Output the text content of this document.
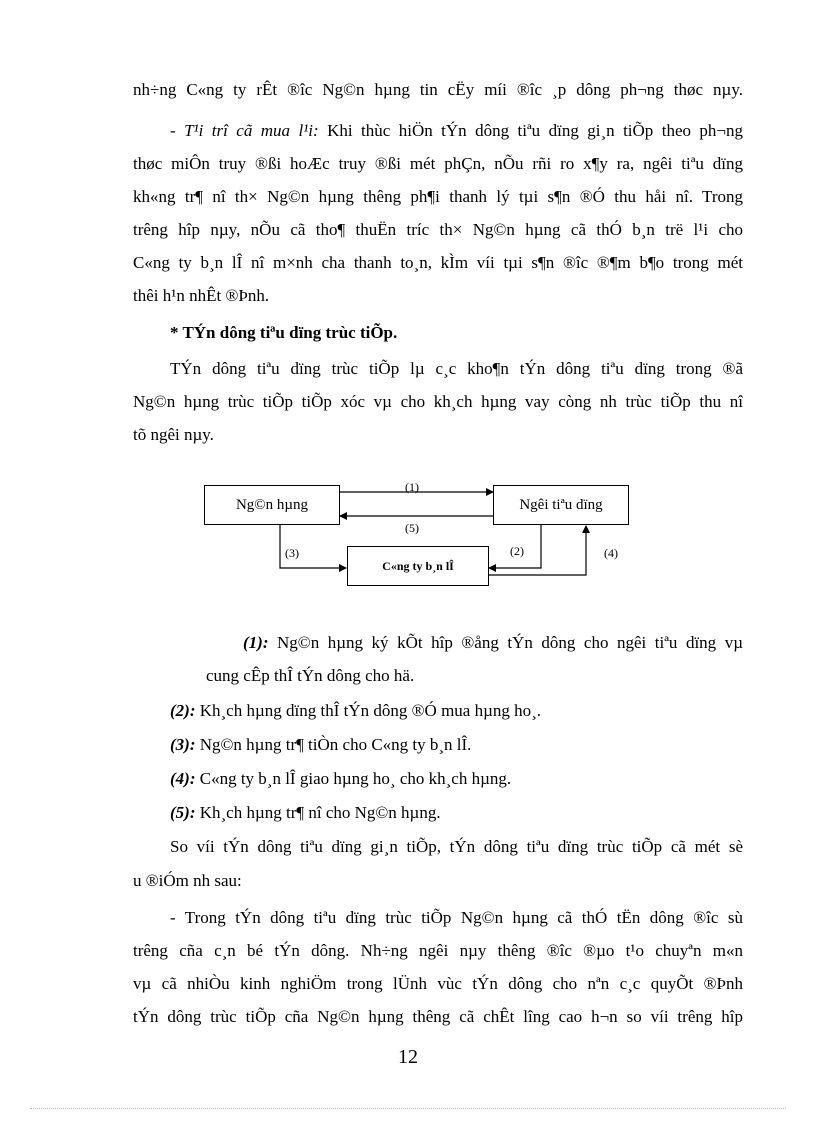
nh÷ng C«ng ty rÊt ®îc Ng©n hµng tin cËy míi ®îc ¸p dông ph¬ng thøc nµy.
- T¹i trî cã mua l¹i: Khi thùc hiÖn tÝn dông tiªu dïng gi¸n tiÕp theo ph¬ng
thøc miÔn truy ®ßi hoÆc truy ®ßi mét phÇn, nÕu rñi ro x¶y ra, ngêi tiªu dïng
kh«ng tr¶ nî th× Ng©n hµng thêng ph¶i thanh lý tµi s¶n ®Ó thu håi nî. Trong
trêng hîp nµy, nÕu cã tho¶ thuËn tríc th× Ng©n hµng cã thÓ b¸n trë l¹i cho
C«ng ty b¸n lÎ nî m×nh cha thanh to¸n, kÌm víi tµi s¶n ®îc ®¶m b¶o trong mét
thêi h¹n nhÊt ®Þnh.
* TÝn dông tiªu dïng trùc tiÕp.
TÝn dông tiªu dïng trùc tiÕp lµ c¸c kho¶n tÝn dông tiªu dïng trong ®ã
Ng©n hµng trùc tiÕp tiÕp xóc vµ cho kh¸ch hµng vay còng nh trùc tiÕp thu nî
tõ ngêi nµy.
Ng©n hµng	Ngêi tiªu dïng
C«ng ty b¸n lÎ
(1)
(5)
(3)	(2)	(4)
(1): Ng©n hµng ký kÕt hîp ®ång tÝn dông cho ngêi tiªu dïng vµ
cung cÊp thÎ tÝn dông cho hä.
(2): Kh¸ch hµng dïng thÎ tÝn dông ®Ó mua hµng ho¸.
(3): Ng©n hµng tr¶ tiÒn cho C«ng ty b¸n lÎ.
(4): C«ng ty b¸n lÎ giao hµng ho¸ cho kh¸ch hµng.
(5): Kh¸ch hµng tr¶ nî cho Ng©n hµng.
So víi tÝn dông tiªu dïng gi¸n tiÕp, tÝn dông tiªu dïng trùc tiÕp cã mét sè
u ®iÓm nh sau:
- Trong tÝn dông tiªu dïng trùc tiÕp Ng©n hµng cã thÓ tËn dông ®îc sù
trêng cña c¸n bé tÝn dông. Nh÷ng ngêi nµy thêng ®îc ®µo t¹o chuyªn m«n
vµ cã nhiÒu kinh nghiÖm trong lÜnh vùc tÝn dông cho nªn c¸c quyÕt ®Þnh
tÝn dông trùc tiÕp cña Ng©n hµng thêng cã chÊt lîng cao h¬n so víi trêng hîp
12
